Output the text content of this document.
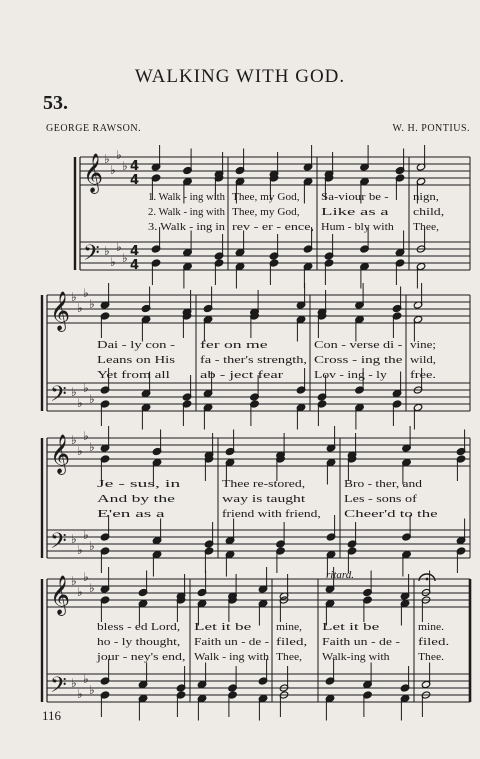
WALKING WITH GOD.
53.
GEORGE RAWSON.	W. H. PONTIUS.
ritard.
116
𝄞
𝄢
♭
♭
♭
♭
♭
♭
♭
♭
4
4
4
4
1. Walk - ing with
2. Walk - ing with
3. Walk - ing in
Thee, my God,
Thee, my God,
rev - er - ence,
Sa-viour be -
Like as a
Hum - bly with
nign,
child,
Thee,
𝄞
𝄢
♭
♭
♭
♭
♭
♭
♭
♭
Dai - ly con -
Leans on His
Yet from all
fer on me
fa - ther's strength,
ab - ject fear
Con - verse di -
Cross - ing the
Lov - ing - ly
vine;
wild,
free.
𝄞
𝄢
♭
♭
♭
♭
♭
♭
♭
♭
Je - sus, in
And by the
E'en as a
Thee re-stored,
way is taught
friend with friend,
Bro - ther, and
Les - sons of
Cheer'd to the
𝄞
𝄢
♭
♭
♭
♭
♭
♭
♭
♭
bless - ed Lord,
ho - ly thought,
jour - ney's end,
Let it be
Faith un - de -
Walk - ing with
mine,
filed,
Thee,
Let it be
Faith un - de -
Walk-ing with
mine.
filed.
Thee.
